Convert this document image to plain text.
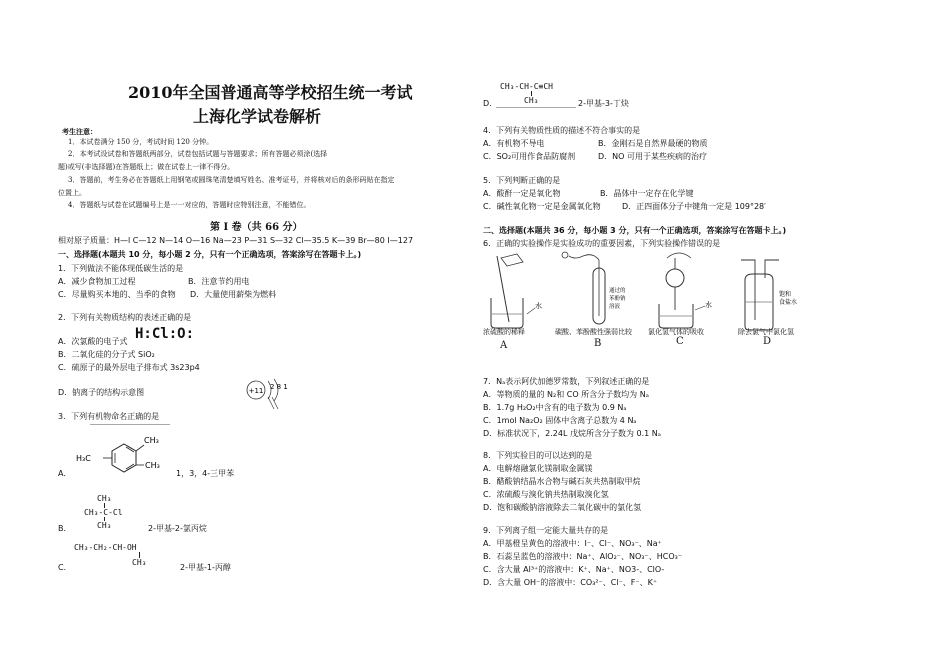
2010年全国普通高等学校招生统一考试
上海化学试卷解析
考生注意：
1．本试卷满分 150 分，考试时间 120 分钟。
2．本考试设试卷和答题纸两部分，试卷包括试题与答题要求；所有答题必须涂(选择
题)或写(非选择题)在答题纸上；做在试卷上一律不得分。
3．答题前，考生务必在答题纸上用钢笔或圆珠笔清楚填写姓名、准考证号，并将核对后的条形码贴在指定
位置上。
4．答题纸与试卷在试题编号上是一一对应的，答题时应特别注意，不能错位。
第 I 卷（共 66 分）
相对原子质量：H—l C—12 N—14 O—16 Na—23 P—31 S—32 Cl—35.5 K—39 Br—80 I—127
一、选择题(本题共 10 分，每小题 2 分，只有一个正确选项，答案涂写在答题卡上。)
1．下列做法不能体现低碳生活的是
A．减少食物加工过程	B．注意节约用电
C．尽量购买本地的、当季的食物 D．大量使用薪柴为燃料
2．下列有关物质结构的表述正确的是
A．次氯酸的电子式 H:Cl:O:
B．二氧化硅的分子式 SiO₂
C．硫原子的最外层电子排布式 3s23p4
D．钠离子的结构示意图	+11 2 8 1
3．下列有机物命名正确的是
A．
CH₃
CH₃
H₃C
1，3，4-三甲苯
CH₃
CH₃-C-Cl
CH₃
B．	2-甲基-2-氯丙烷
CH₃-CH₂-CH-OH
CH₃
C．	2-甲基-1-丙醇
CH₃-CH-C≡CH
CH₃
D．	2-甲基-3-丁炔
4．下列有关物质性质的描述不符合事实的是
A．有机物不导电	B．金刚石是自然界最硬的物质
C．SO₂可用作食品防腐剂	D．NO 可用于某些疾病的治疗
5．下列判断正确的是
A．酸酐一定是氧化物	B．晶体中一定存在化学键
C．碱性氧化物一定是金属氧化物	D．正四面体分子中键角一定是 109°28′
二、选择题(本题共 36 分，每小题 3 分，只有一个正确选项，答案涂写在答题卡上。)
6．正确的实验操作是实验成功的重要因素，下列实验操作错误的是
水
通过的
苯酚钠
溶液	水
饱和
食盐水
浓硫酸的稀释	碳酸、苯酚酸性强弱比较 氯化氢气体的吸收	除去氯气中氯化氢
A	B	C	D
7．Nₐ表示阿伏加德罗常数，下列叙述正确的是
A．等物质的量的 N₂和 CO 所含分子数均为 Nₐ
B．1.7g H₂O₂中含有的电子数为 0.9 Nₐ
C．1mol Na₂O₂ 固体中含离子总数为 4 Nₐ
D．标准状况下，2.24L 戊烷所含分子数为 0.1 Nₐ
8．下列实验目的可以达到的是
A．电解熔融氯化镁制取金属镁
B．醋酸钠结晶水合物与碱石灰共热制取甲烷
C．浓硫酸与溴化钠共热制取溴化氢
D．饱和碳酸钠溶液除去二氧化碳中的氯化氢
9．下列离子组一定能大量共存的是
A．甲基橙呈黄色的溶液中：I⁻、Cl⁻、NO₃⁻、Na⁺
B．石蕊呈蓝色的溶液中：Na⁺、AlO₂⁻、NO₃⁻、HCO₃⁻
C．含大量 Al³⁺的溶液中：K⁺、Na⁺、NO3-、ClO-
D．含大量 OH⁻的溶液中：CO₃²⁻、Cl⁻、F⁻、K⁺
